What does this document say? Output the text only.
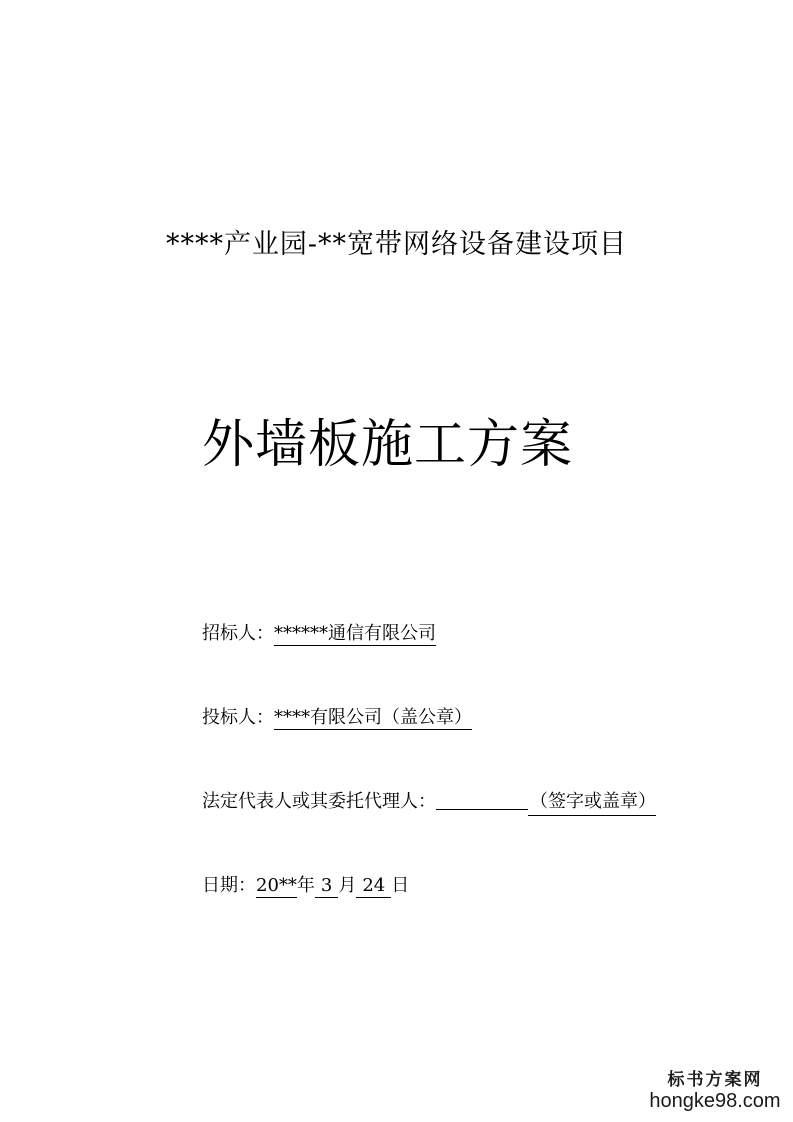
****产业园-**宽带网络设备建设项目
外墙板施工方案
招标人：******通信有限公司
投标人：****有限公司（盖公章）
法定代表人或其委托代理人：	（签字或盖章）
日期：20**年 3 月 24 日
标书方案网
hongke98.com
